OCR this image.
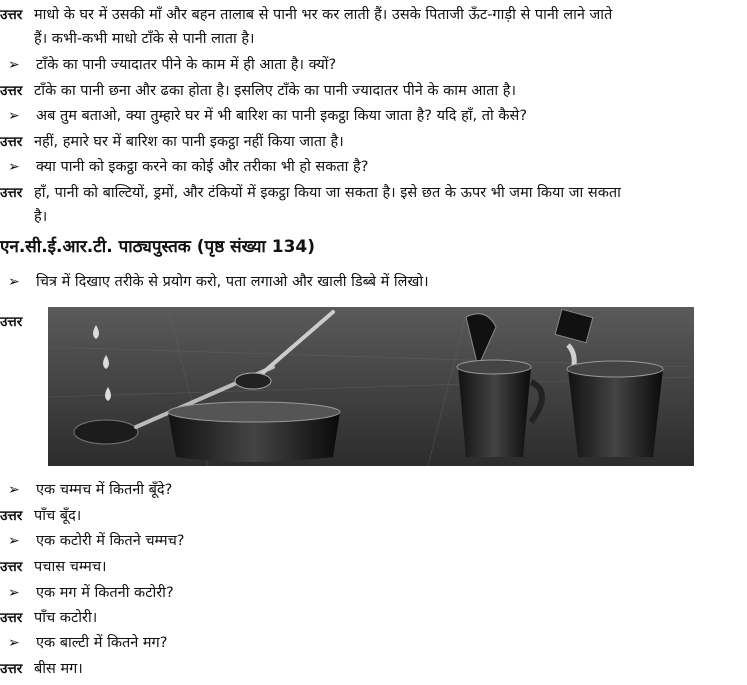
उत्तर माधो के घर में उसकी माँ और बहन तालाब से पानी भर कर लाती हैं। उसके पिताजी ऊँट-गाड़ी से पानी लाने जाते
हैं। कभी-कभी माधो टाँके से पानी लाता है।
➢ टाँके का पानी ज्यादातर पीने के काम में ही आता है। क्यों?
उत्तर टाँके का पानी छना और ढका होता है। इसलिए टाँके का पानी ज्यादातर पीने के काम आता है।
➢ अब तुम बताओ, क्या तुम्हारे घर में भी बारिश का पानी इकट्ठा किया जाता है? यदि हाँ, तो कैसे?
उत्तर नहीं, हमारे घर में बारिश का पानी इकट्ठा नहीं किया जाता है।
➢ क्या पानी को इकट्ठा करने का कोई और तरीका भी हो सकता है?
उत्तर हाँ, पानी को बाल्टियों, ड्रमों, और टंकियों में इकट्ठा किया जा सकता है। इसे छत के ऊपर भी जमा किया जा सकता
है।
एन.सी.ई.आर.टी. पाठ्यपुस्तक (पृष्ठ संख्या 134)
➢ चित्र में दिखाए तरीके से प्रयोग करो, पता लगाओ और खाली डिब्बे में लिखो।
उत्तर
➢ एक चम्मच में कितनी बूँदे?
उत्तर पाँच बूँद।
➢ एक कटोरी में कितने चम्मच?
उत्तर पचास चम्मच।
➢ एक मग में कितनी कटोरी?
उत्तर पाँच कटोरी।
➢ एक बाल्टी में कितने मग?
उत्तर बीस मग।
